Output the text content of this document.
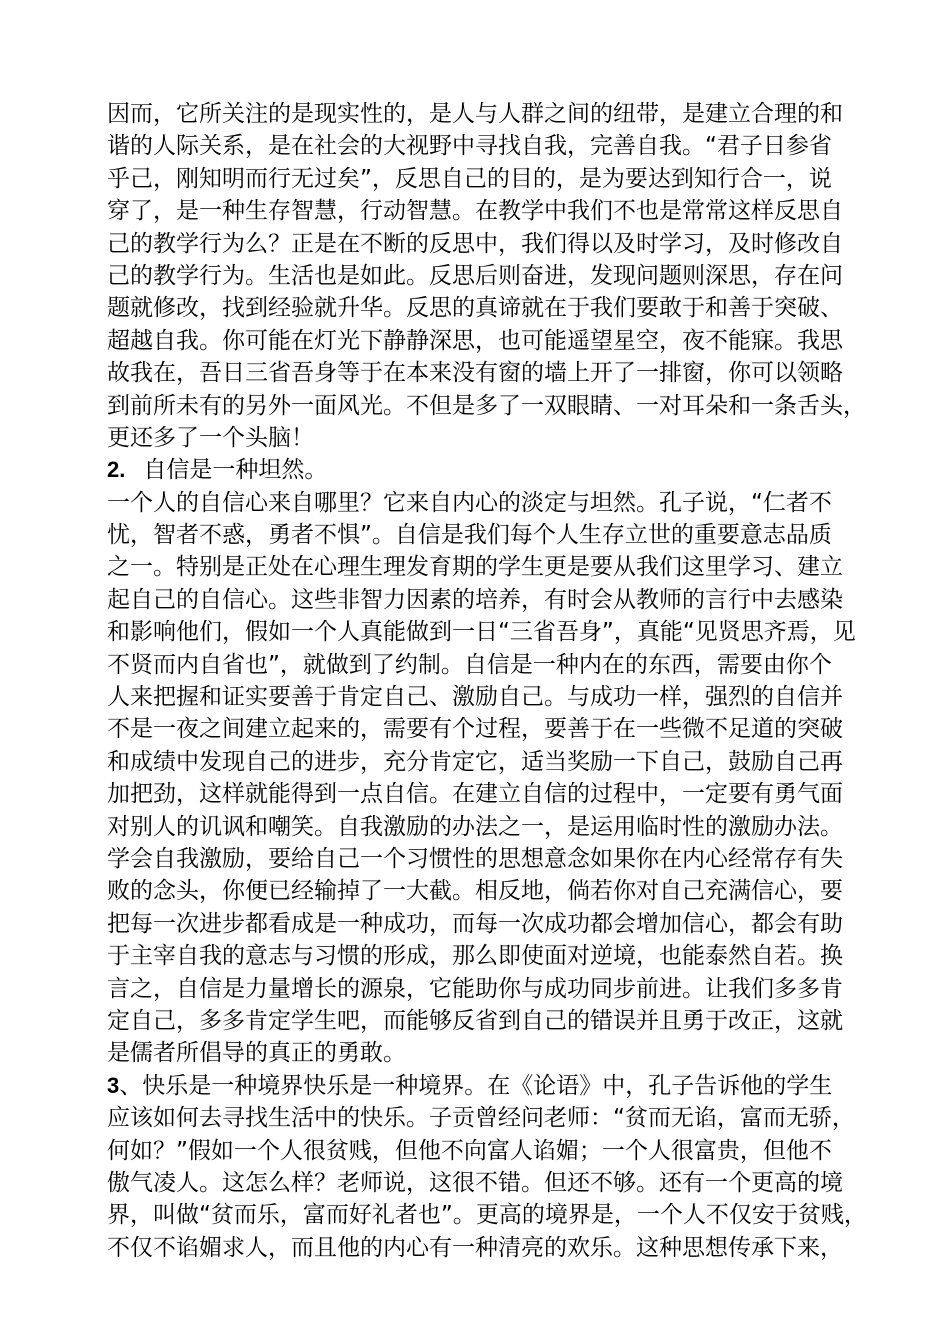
因而，它所关注的是现实性的，是人与人群之间的纽带，是建立合理的和
谐的人际关系，是在社会的大视野中寻找自我，完善自我。“君子日参省
乎己，刚知明而行无过矣”，反思自己的目的，是为要达到知行合一，说
穿了，是一种生存智慧，行动智慧。在教学中我们不也是常常这样反思自
己的教学行为么？正是在不断的反思中，我们得以及时学习，及时修改自
己的教学行为。生活也是如此。反思后则奋进，发现问题则深思，存在问
题就修改，找到经验就升华。反思的真谛就在于我们要敢于和善于突破、
超越自我。你可能在灯光下静静深思，也可能遥望星空，夜不能寐。我思
故我在，吾日三省吾身等于在本来没有窗的墙上开了一排窗，你可以领略
到前所未有的另外一面风光。不但是多了一双眼睛、一对耳朵和一条舌头，
更还多了一个头脑！
2. 自信是一种坦然。
一个人的自信心来自哪里？它来自内心的淡定与坦然。孔子说，“仁者不
忧，智者不惑，勇者不惧”。自信是我们每个人生存立世的重要意志品质
之一。特别是正处在心理生理发育期的学生更是要从我们这里学习、建立
起自己的自信心。这些非智力因素的培养，有时会从教师的言行中去感染
和影响他们，假如一个人真能做到一日“三省吾身”，真能“见贤思齐焉，见
不贤而内自省也”，就做到了约制。自信是一种内在的东西，需要由你个
人来把握和证实要善于肯定自己、激励自己。与成功一样，强烈的自信并
不是一夜之间建立起来的，需要有个过程，要善于在一些微不足道的突破
和成绩中发现自己的进步，充分肯定它，适当奖励一下自己，鼓励自己再
加把劲，这样就能得到一点自信。在建立自信的过程中，一定要有勇气面
对别人的讥讽和嘲笑。自我激励的办法之一，是运用临时性的激励办法。
学会自我激励，要给自己一个习惯性的思想意念如果你在内心经常存有失
败的念头，你便已经输掉了一大截。相反地，倘若你对自己充满信心，要
把每一次进步都看成是一种成功，而每一次成功都会增加信心，都会有助
于主宰自我的意志与习惯的形成，那么即使面对逆境，也能泰然自若。换
言之，自信是力量增长的源泉，它能助你与成功同步前进。让我们多多肯
定自己，多多肯定学生吧，而能够反省到自己的错误并且勇于改正，这就
是儒者所倡导的真正的勇敢。
3、快乐是一种境界快乐是一种境界。在《论语》中，孔子告诉他的学生
应该如何去寻找生活中的快乐。子贡曾经问老师：“贫而无谄，富而无骄，
何如？”假如一个人很贫贱，但他不向富人谄媚；一个人很富贵，但他不
傲气凌人。这怎么样？老师说，这很不错。但还不够。还有一个更高的境
界，叫做“贫而乐，富而好礼者也”。更高的境界是，一个人不仅安于贫贱，
不仅不谄媚求人，而且他的内心有一种清亮的欢乐。这种思想传承下来，
